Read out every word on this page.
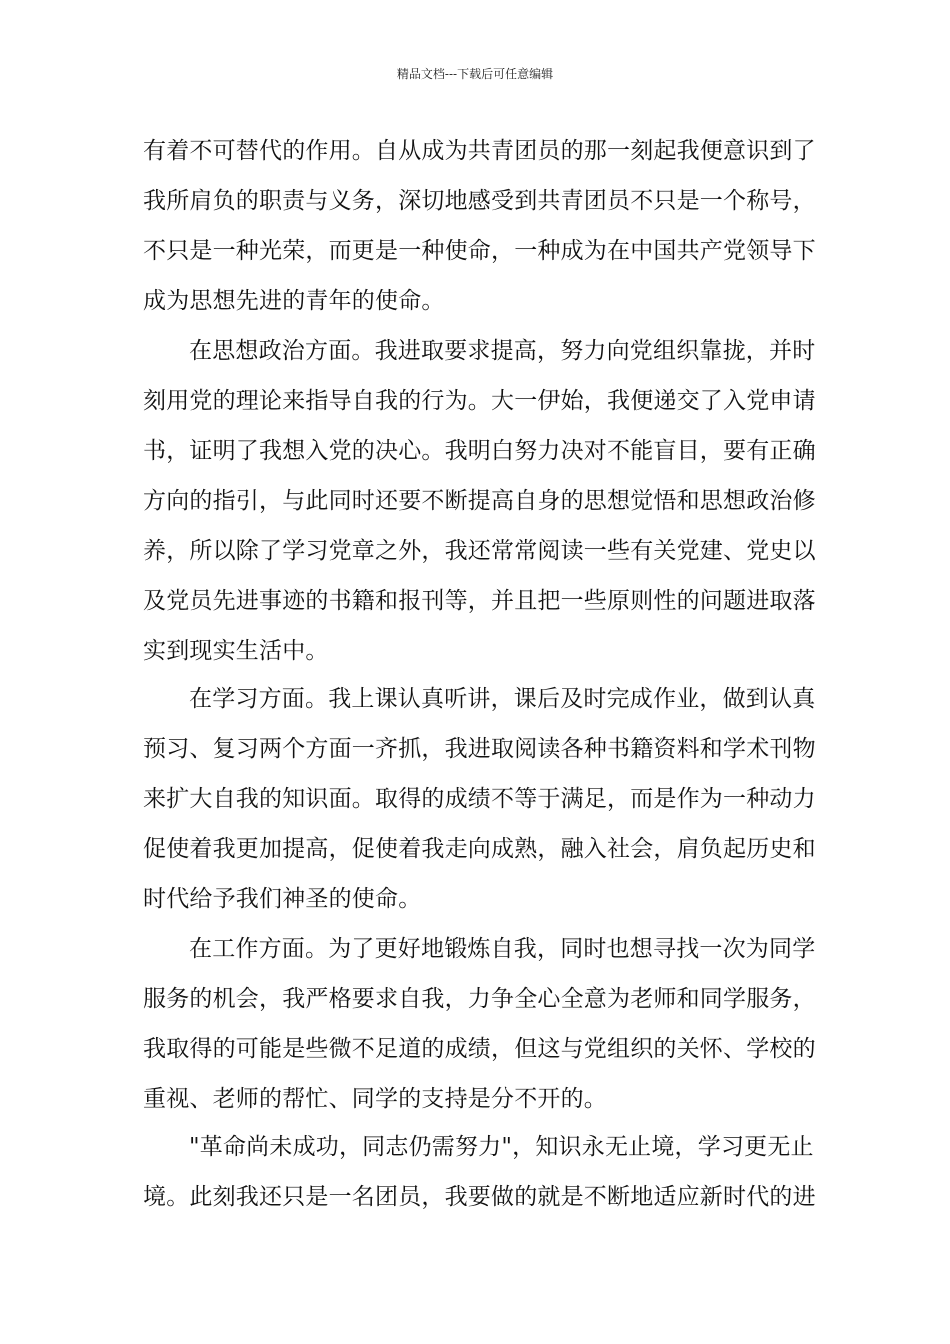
精品文档---下载后可任意编辑
有着不可替代的作用。自从成为共青团员的那一刻起我便意识到了
我所肩负的职责与义务，深切地感受到共青团员不只是一个称号，
不只是一种光荣，而更是一种使命，一种成为在中国共产党领导下
成为思想先进的青年的使命。
在思想政治方面。我进取要求提高，努力向党组织靠拢，并时
刻用党的理论来指导自我的行为。大一伊始，我便递交了入党申请
书，证明了我想入党的决心。我明白努力决对不能盲目，要有正确
方向的指引，与此同时还要不断提高自身的思想觉悟和思想政治修
养，所以除了学习党章之外，我还常常阅读一些有关党建、党史以
及党员先进事迹的书籍和报刊等，并且把一些原则性的问题进取落
实到现实生活中。
在学习方面。我上课认真听讲，课后及时完成作业，做到认真
预习、复习两个方面一齐抓，我进取阅读各种书籍资料和学术刊物
来扩大自我的知识面。取得的成绩不等于满足，而是作为一种动力
促使着我更加提高，促使着我走向成熟，融入社会，肩负起历史和
时代给予我们神圣的使命。
在工作方面。为了更好地锻炼自我，同时也想寻找一次为同学
服务的机会，我严格要求自我，力争全心全意为老师和同学服务，
我取得的可能是些微不足道的成绩，但这与党组织的关怀、学校的
重视、老师的帮忙、同学的支持是分不开的。
"革命尚未成功，同志仍需努力"，知识永无止境，学习更无止
境。此刻我还只是一名团员，我要做的就是不断地适应新时代的进
